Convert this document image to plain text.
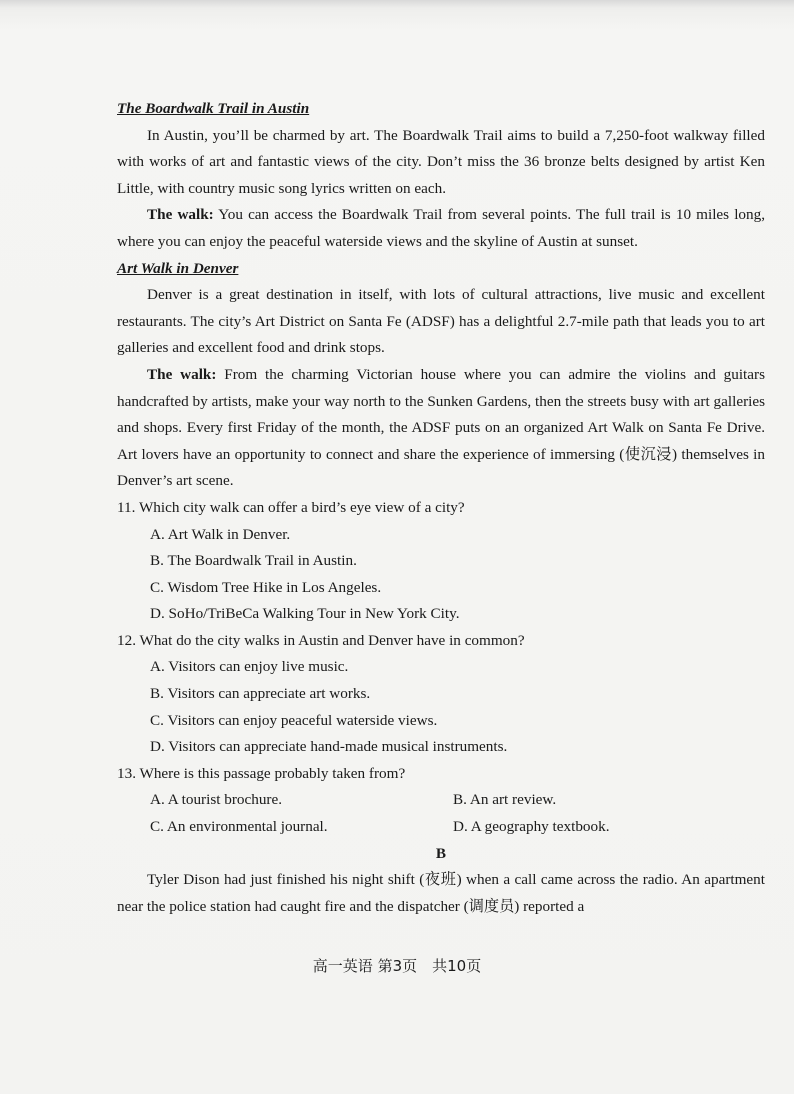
The Boardwalk Trail in Austin

In Austin, you’ll be charmed by art. The Boardwalk Trail aims to build a 7,250-foot walkway filled with works of art and fantastic views of the city. Don’t miss the 36 bronze belts designed by artist Ken Little, with country music song lyrics written on each.

The walk: You can access the Boardwalk Trail from several points. The full trail is 10 miles long, where you can enjoy the peaceful waterside views and the skyline of Austin at sunset.

Art Walk in Denver

Denver is a great destination in itself, with lots of cultural attractions, live music and excellent restaurants. The city’s Art District on Santa Fe (ADSF) has a delightful 2.7-mile path that leads you to art galleries and excellent food and drink stops.

The walk: From the charming Victorian house where you can admire the violins and guitars handcrafted by artists, make your way north to the Sunken Gardens, then the streets busy with art galleries and shops. Every first Friday of the month, the ADSF puts on an organized Art Walk on Santa Fe Drive. Art lovers have an opportunity to connect and share the experience of immersing (使沉浸) themselves in Denver’s art scene.

11. Which city walk can offer a bird’s eye view of a city?

A. Art Walk in Denver.

B. The Boardwalk Trail in Austin.

C. Wisdom Tree Hike in Los Angeles.

D. SoHo/TriBeCa Walking Tour in New York City.

12. What do the city walks in Austin and Denver have in common?

A. Visitors can enjoy live music.

B. Visitors can appreciate art works.

C. Visitors can enjoy peaceful waterside views.

D. Visitors can appreciate hand-made musical instruments.

13. Where is this passage probably taken from?

A. A tourist brochure.	B. An art review.
C. An environmental journal.	D. A geography textbook.

B

Tyler Dison had just finished his night shift (夜班) when a call came across the radio. An apartment near the police station had caught fire and the dispatcher (调度员) reported a

高一英语 第3页　共10页
